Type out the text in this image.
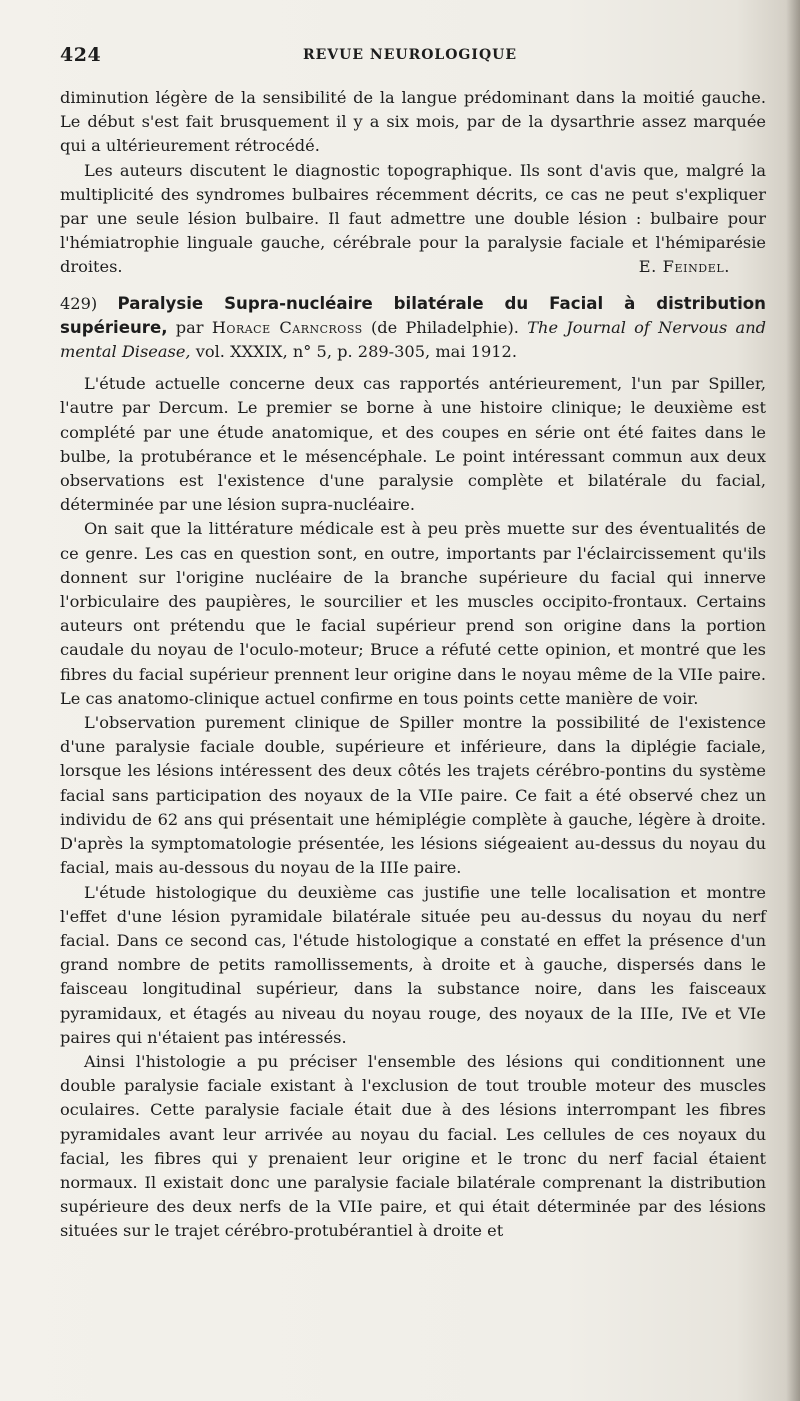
424	REVUE NEUROLOGIQUE

diminution légère de la sensibilité de la langue prédominant dans la moitié gauche. Le début s'est fait brusquement il y a six mois, par de la dysarthrie assez marquée qui a ultérieurement rétrocédé.

Les auteurs discutent le diagnostic topographique. Ils sont d'avis que, malgré la multiplicité des syndromes bulbaires récemment décrits, ce cas ne peut s'expliquer par une seule lésion bulbaire. Il faut admettre une double lésion : bulbaire pour l'hémiatrophie linguale gauche, cérébrale pour la paralysie faciale et l'hémiparésie droites.	E. Feindel.

429) Paralysie Supra-nucléaire bilatérale du Facial à distribution supérieure, par Horace Carncross (de Philadelphie). The Journal of Nervous and mental Disease, vol. XXXIX, n° 5, p. 289-305, mai 1912.

L'étude actuelle concerne deux cas rapportés antérieurement, l'un par Spiller, l'autre par Dercum. Le premier se borne à une histoire clinique; le deuxième est complété par une étude anatomique, et des coupes en série ont été faites dans le bulbe, la protubérance et le mésencéphale. Le point intéressant commun aux deux observations est l'existence d'une paralysie complète et bilatérale du facial, déterminée par une lésion supra-nucléaire.

On sait que la littérature médicale est à peu près muette sur des éventualités de ce genre. Les cas en question sont, en outre, importants par l'éclaircissement qu'ils donnent sur l'origine nucléaire de la branche supérieure du facial qui innerve l'orbiculaire des paupières, le sourcilier et les muscles occipito-frontaux. Certains auteurs ont prétendu que le facial supérieur prend son origine dans la portion caudale du noyau de l'oculo-moteur; Bruce a réfuté cette opinion, et montré que les fibres du facial supérieur prennent leur origine dans le noyau même de la VIIe paire. Le cas anatomo-clinique actuel confirme en tous points cette manière de voir.

L'observation purement clinique de Spiller montre la possibilité de l'existence d'une paralysie faciale double, supérieure et inférieure, dans la diplégie faciale, lorsque les lésions intéressent des deux côtés les trajets cérébro-pontins du système facial sans participation des noyaux de la VIIe paire. Ce fait a été observé chez un individu de 62 ans qui présentait une hémiplégie complète à gauche, légère à droite. D'après la symptomatologie présentée, les lésions siégeaient au-dessus du noyau du facial, mais au-dessous du noyau de la IIIe paire.

L'étude histologique du deuxième cas justifie une telle localisation et montre l'effet d'une lésion pyramidale bilatérale située peu au-dessus du noyau du nerf facial. Dans ce second cas, l'étude histologique a constaté en effet la présence d'un grand nombre de petits ramollissements, à droite et à gauche, dispersés dans le faisceau longitudinal supérieur, dans la substance noire, dans les faisceaux pyramidaux, et étagés au niveau du noyau rouge, des noyaux de la IIIe, IVe et VIe paires qui n'étaient pas intéressés.

Ainsi l'histologie a pu préciser l'ensemble des lésions qui conditionnent une double paralysie faciale existant à l'exclusion de tout trouble moteur des muscles oculaires. Cette paralysie faciale était due à des lésions interrompant les fibres pyramidales avant leur arrivée au noyau du facial. Les cellules de ces noyaux du facial, les fibres qui y prenaient leur origine et le tronc du nerf facial étaient normaux. Il existait donc une paralysie faciale bilatérale comprenant la distribution supérieure des deux nerfs de la VIIe paire, et qui était déterminée par des lésions situées sur le trajet cérébro-protubérantiel à droite et
